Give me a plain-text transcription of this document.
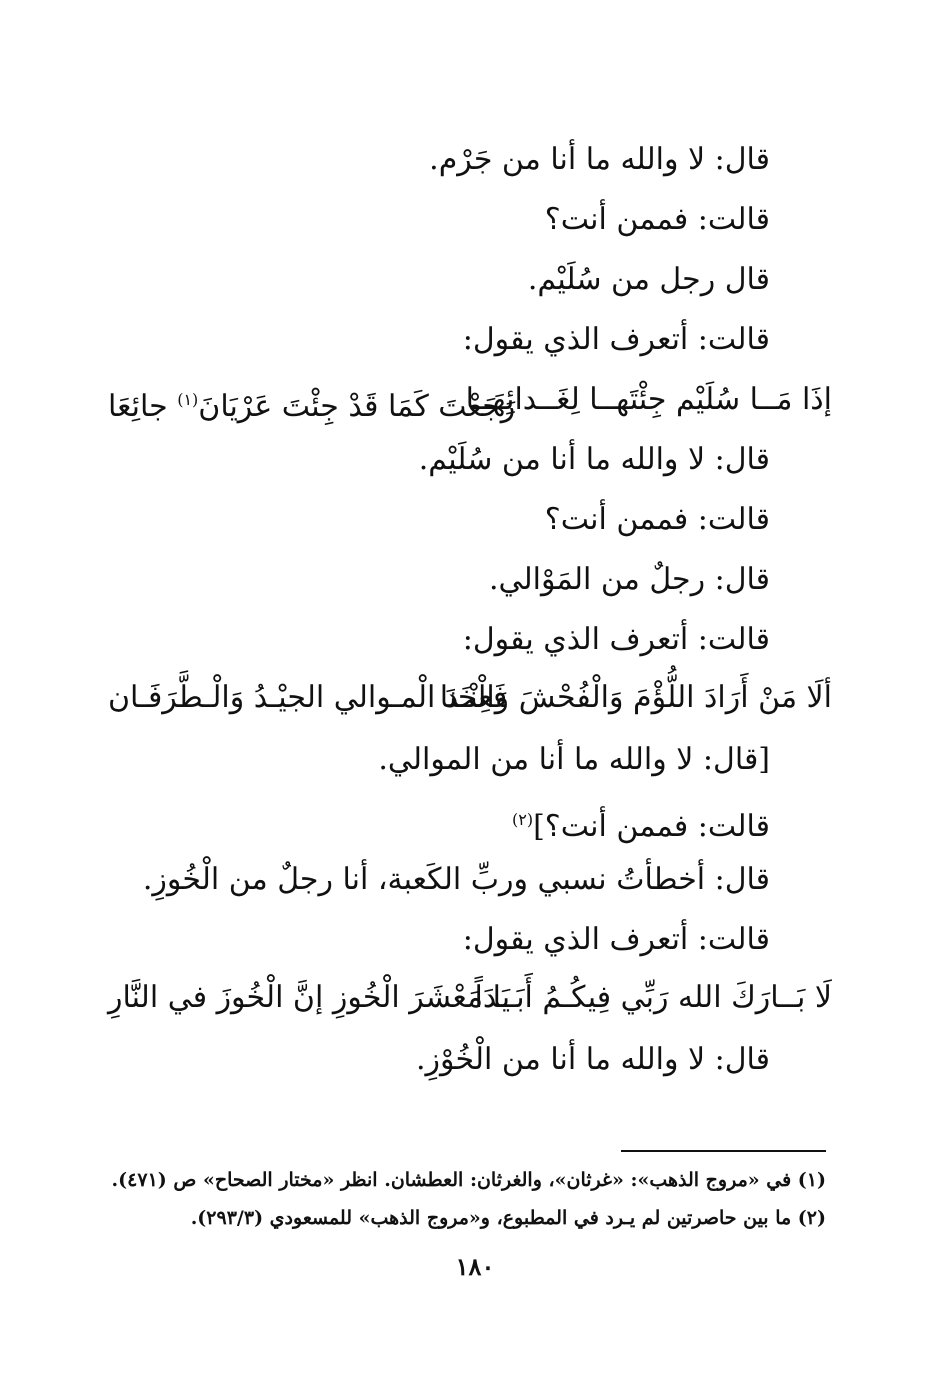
قال: لا والله ما أنا من جَرْم.
قالت: فممن أنت؟
قال رجل من سُلَيْم.
قالت: أتعرف الذي يقول:
إذَا مَــا سُلَيْم جِئْتَهــا لِغَــدائِهَــا
رَجَعْتَ كَمَا قَدْ جِئْتَ عَرْيَانَ$^{(١)}$ جائِعَا
قال: لا والله ما أنا من سُلَيْم.
قالت: فممن أنت؟
قال: رجلٌ من المَوْالي.
قالت: أتعرف الذي يقول:
ألَا مَنْ أَرَادَ اللُّؤْمَ وَالْفُحْشَ وَالْخَنا
فَعِنْـدَ الْمـوالي الجيْـدُ وَالْـطَّرَفَـان
[قال: لا والله ما أنا من الموالي.
قالت: فممن أنت؟]$^{(٢)}$
قال: أخطأتُ نسبي وربِّ الكَعبة، أنا رجلٌ من الْخُوزِ.
قالت: أتعرف الذي يقول:
لَا بَــارَكَ الله رَبِّي فِيكُـمُ أَبَــدَاً
يَا مَعْشَرَ الْخُوزِ إنَّ الْخُوزَ في النَّارِ
قال: لا والله ما أنا من الْخُوْزِ.
(١) في «مروج الذهب»: «غرثان»، والغرثان: العطشان. انظر «مختار الصحاح» ص (٤٧١).
(٢) ما بين حاصرتين لم يـرد في المطبوع، و«مروج الذهب» للمسعودي (٢٩٣/٣).
١٨٠
